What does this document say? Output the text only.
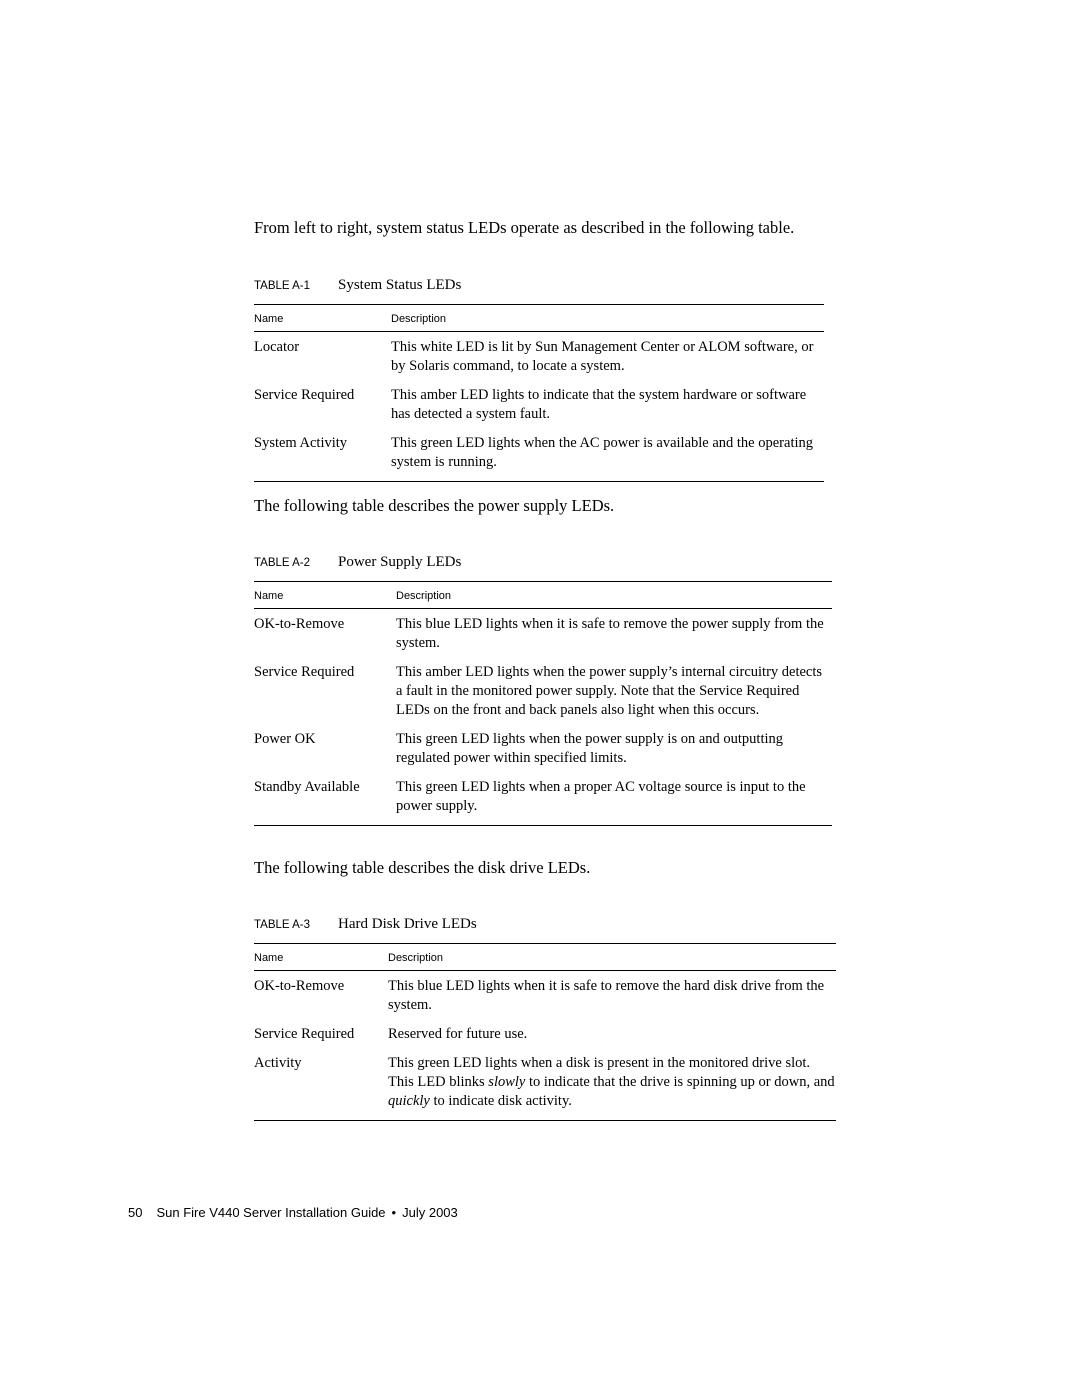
From left to right, system status LEDs operate as described in the following table.

TABLE A-1 System Status LEDs
Name	Description
Locator	This white LED is lit by Sun Management Center or ALOM software, or by Solaris command, to locate a system.
Service Required	This amber LED lights to indicate that the system hardware or software has detected a system fault.
System Activity	This green LED lights when the AC power is available and the operating system is running.

The following table describes the power supply LEDs.

TABLE A-2 Power Supply LEDs
Name	Description
OK-to-Remove	This blue LED lights when it is safe to remove the power supply from the system.
Service Required	This amber LED lights when the power supply’s internal circuitry detects a fault in the monitored power supply. Note that the Service Required LEDs on the front and back panels also light when this occurs.
Power OK	This green LED lights when the power supply is on and outputting regulated power within specified limits.
Standby Available	This green LED lights when a proper AC voltage source is input to the power supply.

The following table describes the disk drive LEDs.

TABLE A-3 Hard Disk Drive LEDs
Name	Description
OK-to-Remove	This blue LED lights when it is safe to remove the hard disk drive from the system.
Service Required	Reserved for future use.
Activity	This green LED lights when a disk is present in the monitored drive slot. This LED blinks slowly to indicate that the drive is spinning up or down, and quickly to indicate disk activity.
50 Sun Fire V440 Server Installation Guide • July 2003
